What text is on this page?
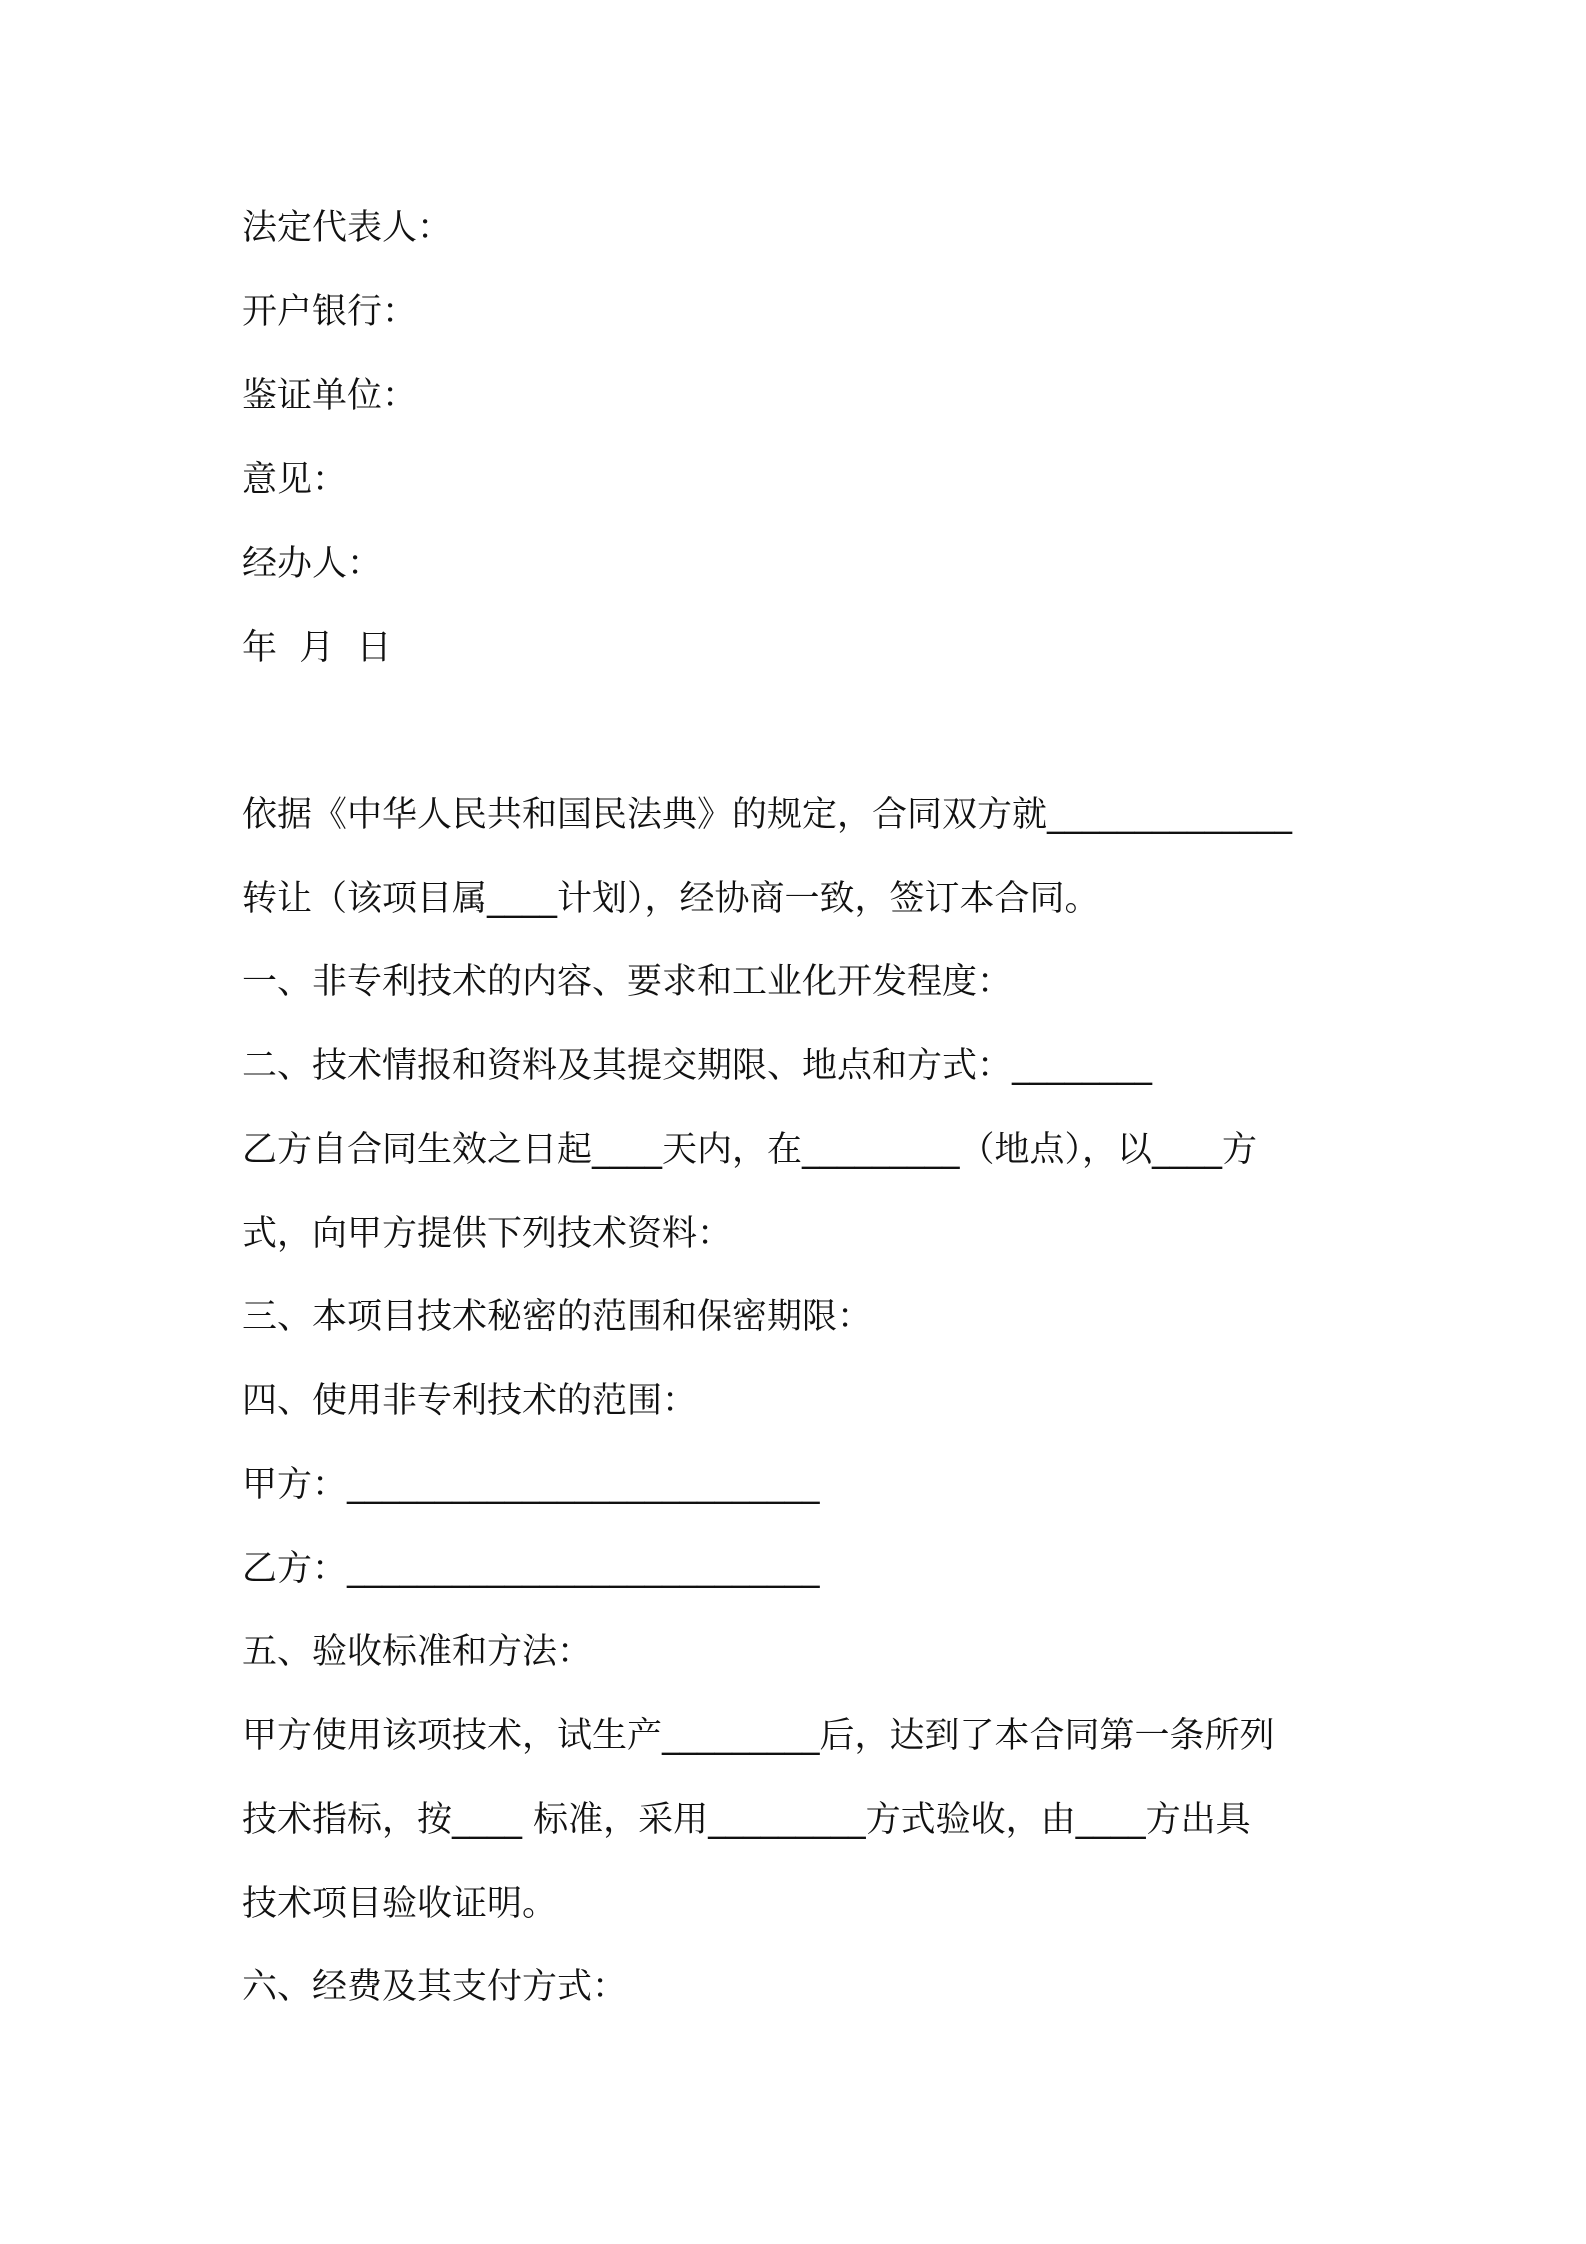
法定代表人：
开户银行：
鉴证单位：
意见：
经办人：
年  月  日
依据《中华人民共和国民法典》的规定，合同双方就______________
转让（该项目属____计划），经协商一致，签订本合同。
一、非专利技术的内容、要求和工业化开发程度：
二、技术情报和资料及其提交期限、地点和方式：________
乙方自合同生效之日起____天内，在_________（地点），以____方
式，向甲方提供下列技术资料：
三、本项目技术秘密的范围和保密期限：
四、使用非专利技术的范围：
甲方：___________________________
乙方：___________________________
五、验收标准和方法：
甲方使用该项技术，试生产_________后，达到了本合同第一条所列
技术指标，按____ 标准，采用_________方式验收，由____方出具
技术项目验收证明。
六、经费及其支付方式：
